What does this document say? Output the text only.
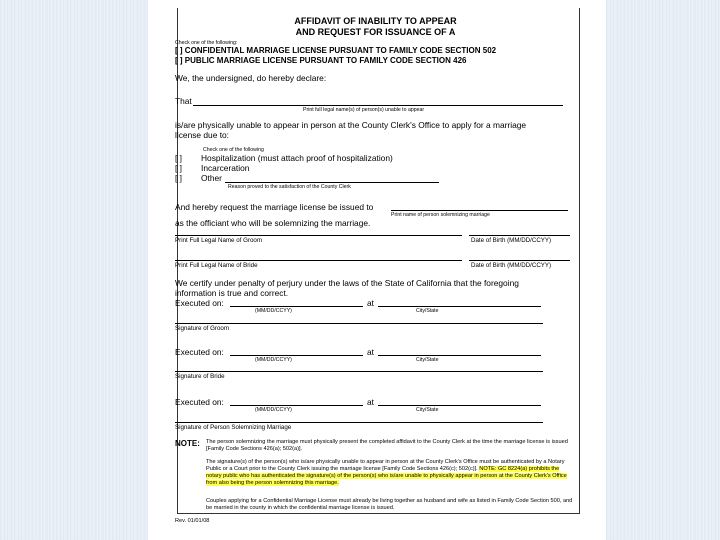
AFFIDAVIT OF INABILITY TO APPEAR
AND REQUEST FOR ISSUANCE OF A
Check one of the following:
[ ] CONFIDENTIAL MARRIAGE LICENSE PURSUANT TO FAMILY CODE SECTION 502
[ ] PUBLIC MARRIAGE LICENSE PURSUANT TO FAMILY CODE SECTION 426
We, the undersigned, do hereby declare:
That
Print full legal name(s) of person(s) unable to appear
is/are physically unable to appear in person at the County Clerk's Office to apply for a marriage
license due to:
Check one of the following
[ ] Hospitalization (must attach proof of hospitalization)
[ ] Incarceration
[ ] Other
Reason proved to the satisfaction of the County Clerk
And hereby request the marriage license be issued to
Print name of person solemnizing marriage
as the officiant who will be solemnizing the marriage.
Print Full Legal Name of Groom	Date of Birth (MM/DD/CCYY)
Print Full Legal Name of Bride	Date of Birth (MM/DD/CCYY)
We certify under penalty of perjury under the laws of the State of California that the foregoing
information is true and correct.
Executed on:	at
(MM/DD/CCYY)	City/State
Signature of Groom
Executed on:	at
(MM/DD/CCYY)	City/State
Signature of Bride
Executed on:	at
(MM/DD/CCYY)	City/State
Signature of Person Solemnizing Marriage
NOTE: The person solemnizing the marriage must physically present the completed affidavit to the County Clerk at the time the marriage license is issued [Family Code Sections 426(a); 502(a)].
The signature(s) of the person(s) who is/are physically unable to appear in person at the County Clerk's Office must be authenticated by a Notary Public or a Court prior to the County Clerk issuing the marriage license [Family Code Sections 426(c); 502(c)]. NOTE: GC 8224(a) prohibits the notary public who has authenticated the signature(s) of the person(s) who is/are unable to physically appear in person at the County Clerk's Office from also being the person solemnizing this marriage.
Couples applying for a Confidential Marriage License must already be living together as husband and wife as listed in Family Code Section 500, and be married in the county in which the confidential marriage license is issued.
Rev. 01/01/08
